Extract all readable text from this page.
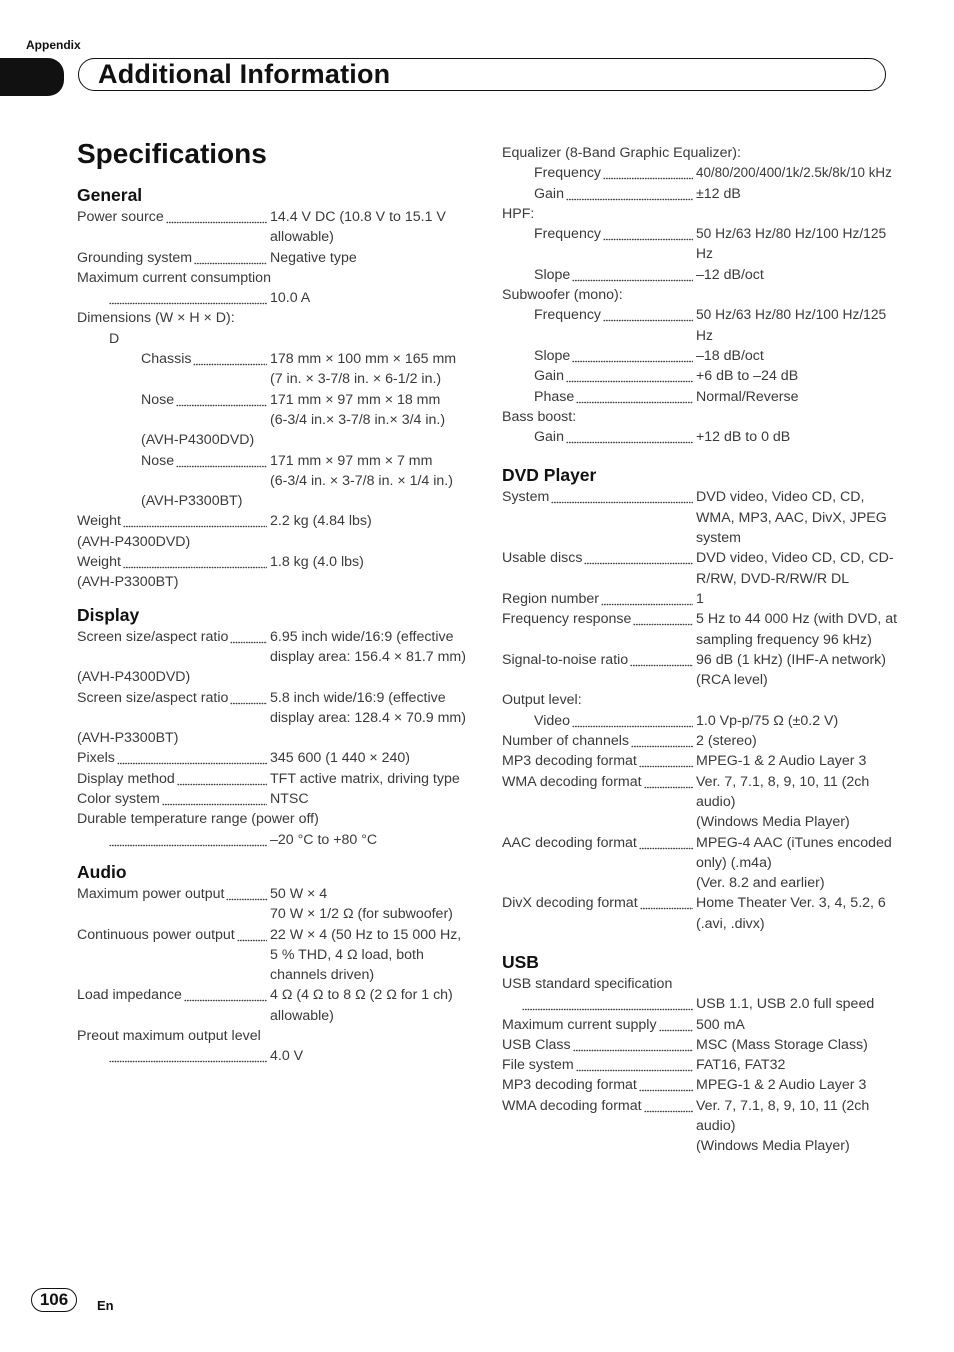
Appendix
Additional Information
Specifications
General
Power source	14.4 V DC (10.8 V to 15.1 V allowable)
Grounding system	Negative type
Maximum current consumption
10.0 A
Dimensions (W × H × D):
D
Chassis	178 mm × 100 mm × 165 mm
(7 in. × 3-7/8 in. × 6-1/2 in.)
Nose	171 mm × 97 mm × 18 mm
(6-3/4 in.× 3-7/8 in.× 3/4 in.)
(AVH-P4300DVD)
Nose	171 mm × 97 mm × 7 mm
(6-3/4 in. × 3-7/8 in. × 1/4 in.)
(AVH-P3300BT)
Weight	2.2 kg (4.84 lbs)
(AVH-P4300DVD)
Weight	1.8 kg (4.0 lbs)
(AVH-P3300BT)
Display
Screen size/aspect ratio	6.95 inch wide/16:9 (effective display area: 156.4 × 81.7 mm)
(AVH-P4300DVD)
Screen size/aspect ratio	5.8 inch wide/16:9 (effective display area: 128.4 × 70.9 mm)
(AVH-P3300BT)
Pixels	345 600 (1 440 × 240)
Display method	TFT active matrix, driving type
Color system	NTSC
Durable temperature range (power off)
–20 °C to +80 °C
Audio
Maximum power output	50 W × 4
70 W × 1/2 Ω (for subwoofer)
Continuous power output 22 W × 4 (50 Hz to 15 000 Hz, 5 % THD, 4 Ω load, both channels driven)
Load impedance	4 Ω (4 Ω to 8 Ω (2 Ω for 1 ch) allowable)
Preout maximum output level
4.0 V
Equalizer (8-Band Graphic Equalizer):
Frequency	40/80/200/400/1k/2.5k/8k/10 kHz
Gain	±12 dB
HPF:
Frequency	50 Hz/63 Hz/80 Hz/100 Hz/125 Hz
Slope	–12 dB/oct
Subwoofer (mono):
Frequency	50 Hz/63 Hz/80 Hz/100 Hz/125 Hz
Slope	–18 dB/oct
Gain	+6 dB to –24 dB
Phase	Normal/Reverse
Bass boost:
Gain	+12 dB to 0 dB
DVD Player
System	DVD video, Video CD, CD, WMA, MP3, AAC, DivX, JPEG system
Usable discs	DVD video, Video CD, CD, CD-R/RW, DVD-R/RW/R DL
Region number	1
Frequency response	5 Hz to 44 000 Hz (with DVD, at sampling frequency 96 kHz)
Signal-to-noise ratio	96 dB (1 kHz) (IHF-A network) (RCA level)
Output level:
Video	1.0 Vp-p/75 Ω (±0.2 V)
Number of channels	2 (stereo)
MP3 decoding format	MPEG-1 & 2 Audio Layer 3
WMA decoding format	Ver. 7, 7.1, 8, 9, 10, 11 (2ch audio)
(Windows Media Player)
AAC decoding format	MPEG-4 AAC (iTunes encoded only) (.m4a)
(Ver. 8.2 and earlier)
DivX decoding format	Home Theater Ver. 3, 4, 5.2, 6 (.avi, .divx)
USB
USB standard specification
USB 1.1, USB 2.0 full speed
Maximum current supply	500 mA
USB Class	MSC (Mass Storage Class)
File system	FAT16, FAT32
MP3 decoding format	MPEG-1 & 2 Audio Layer 3
WMA decoding format	Ver. 7, 7.1, 8, 9, 10, 11 (2ch audio)
(Windows Media Player)
106	En
